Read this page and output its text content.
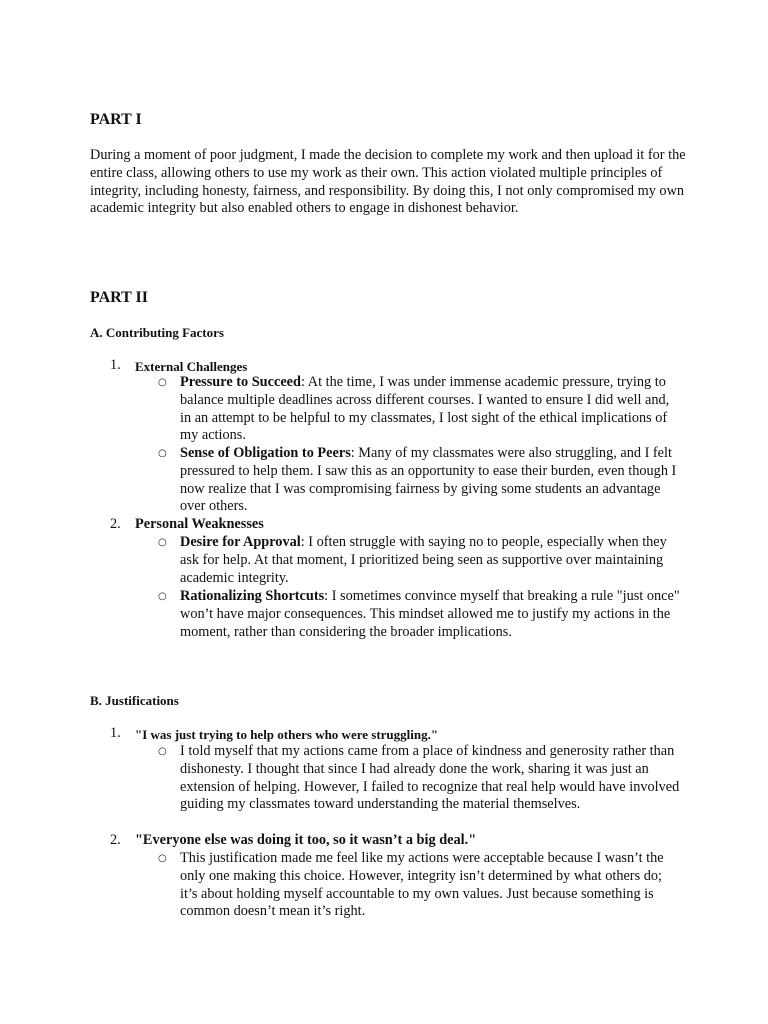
PART I

During a moment of poor judgment, I made the decision to complete my work and then upload it for the entire class, allowing others to use my work as their own. This action violated multiple principles of integrity, including honesty, fairness, and responsibility. By doing this, I not only compromised my own academic integrity but also enabled others to engage in dishonest behavior.

PART II
A. Contributing Factors
1. External Challenges
○ Pressure to Succeed: At the time, I was under immense academic pressure, trying to balance multiple deadlines across different courses. I wanted to ensure I did well and, in an attempt to be helpful to my classmates, I lost sight of the ethical implications of my actions.
○ Sense of Obligation to Peers: Many of my classmates were also struggling, and I felt pressured to help them. I saw this as an opportunity to ease their burden, even though I now realize that I was compromising fairness by giving some students an advantage over others.
2. Personal Weaknesses
○ Desire for Approval: I often struggle with saying no to people, especially when they ask for help. At that moment, I prioritized being seen as supportive over maintaining academic integrity.
○ Rationalizing Shortcuts: I sometimes convince myself that breaking a rule "just once" won’t have major consequences. This mindset allowed me to justify my actions in the moment, rather than considering the broader implications.
B. Justifications
1. "I was just trying to help others who were struggling."
○ I told myself that my actions came from a place of kindness and generosity rather than dishonesty. I thought that since I had already done the work, sharing it was just an extension of helping. However, I failed to recognize that real help would have involved guiding my classmates toward understanding the material themselves.
2. "Everyone else was doing it too, so it wasn’t a big deal."
○ This justification made me feel like my actions were acceptable because I wasn’t the only one making this choice. However, integrity isn’t determined by what others do; it’s about holding myself accountable to my own values. Just because something is common doesn’t mean it’s right.
